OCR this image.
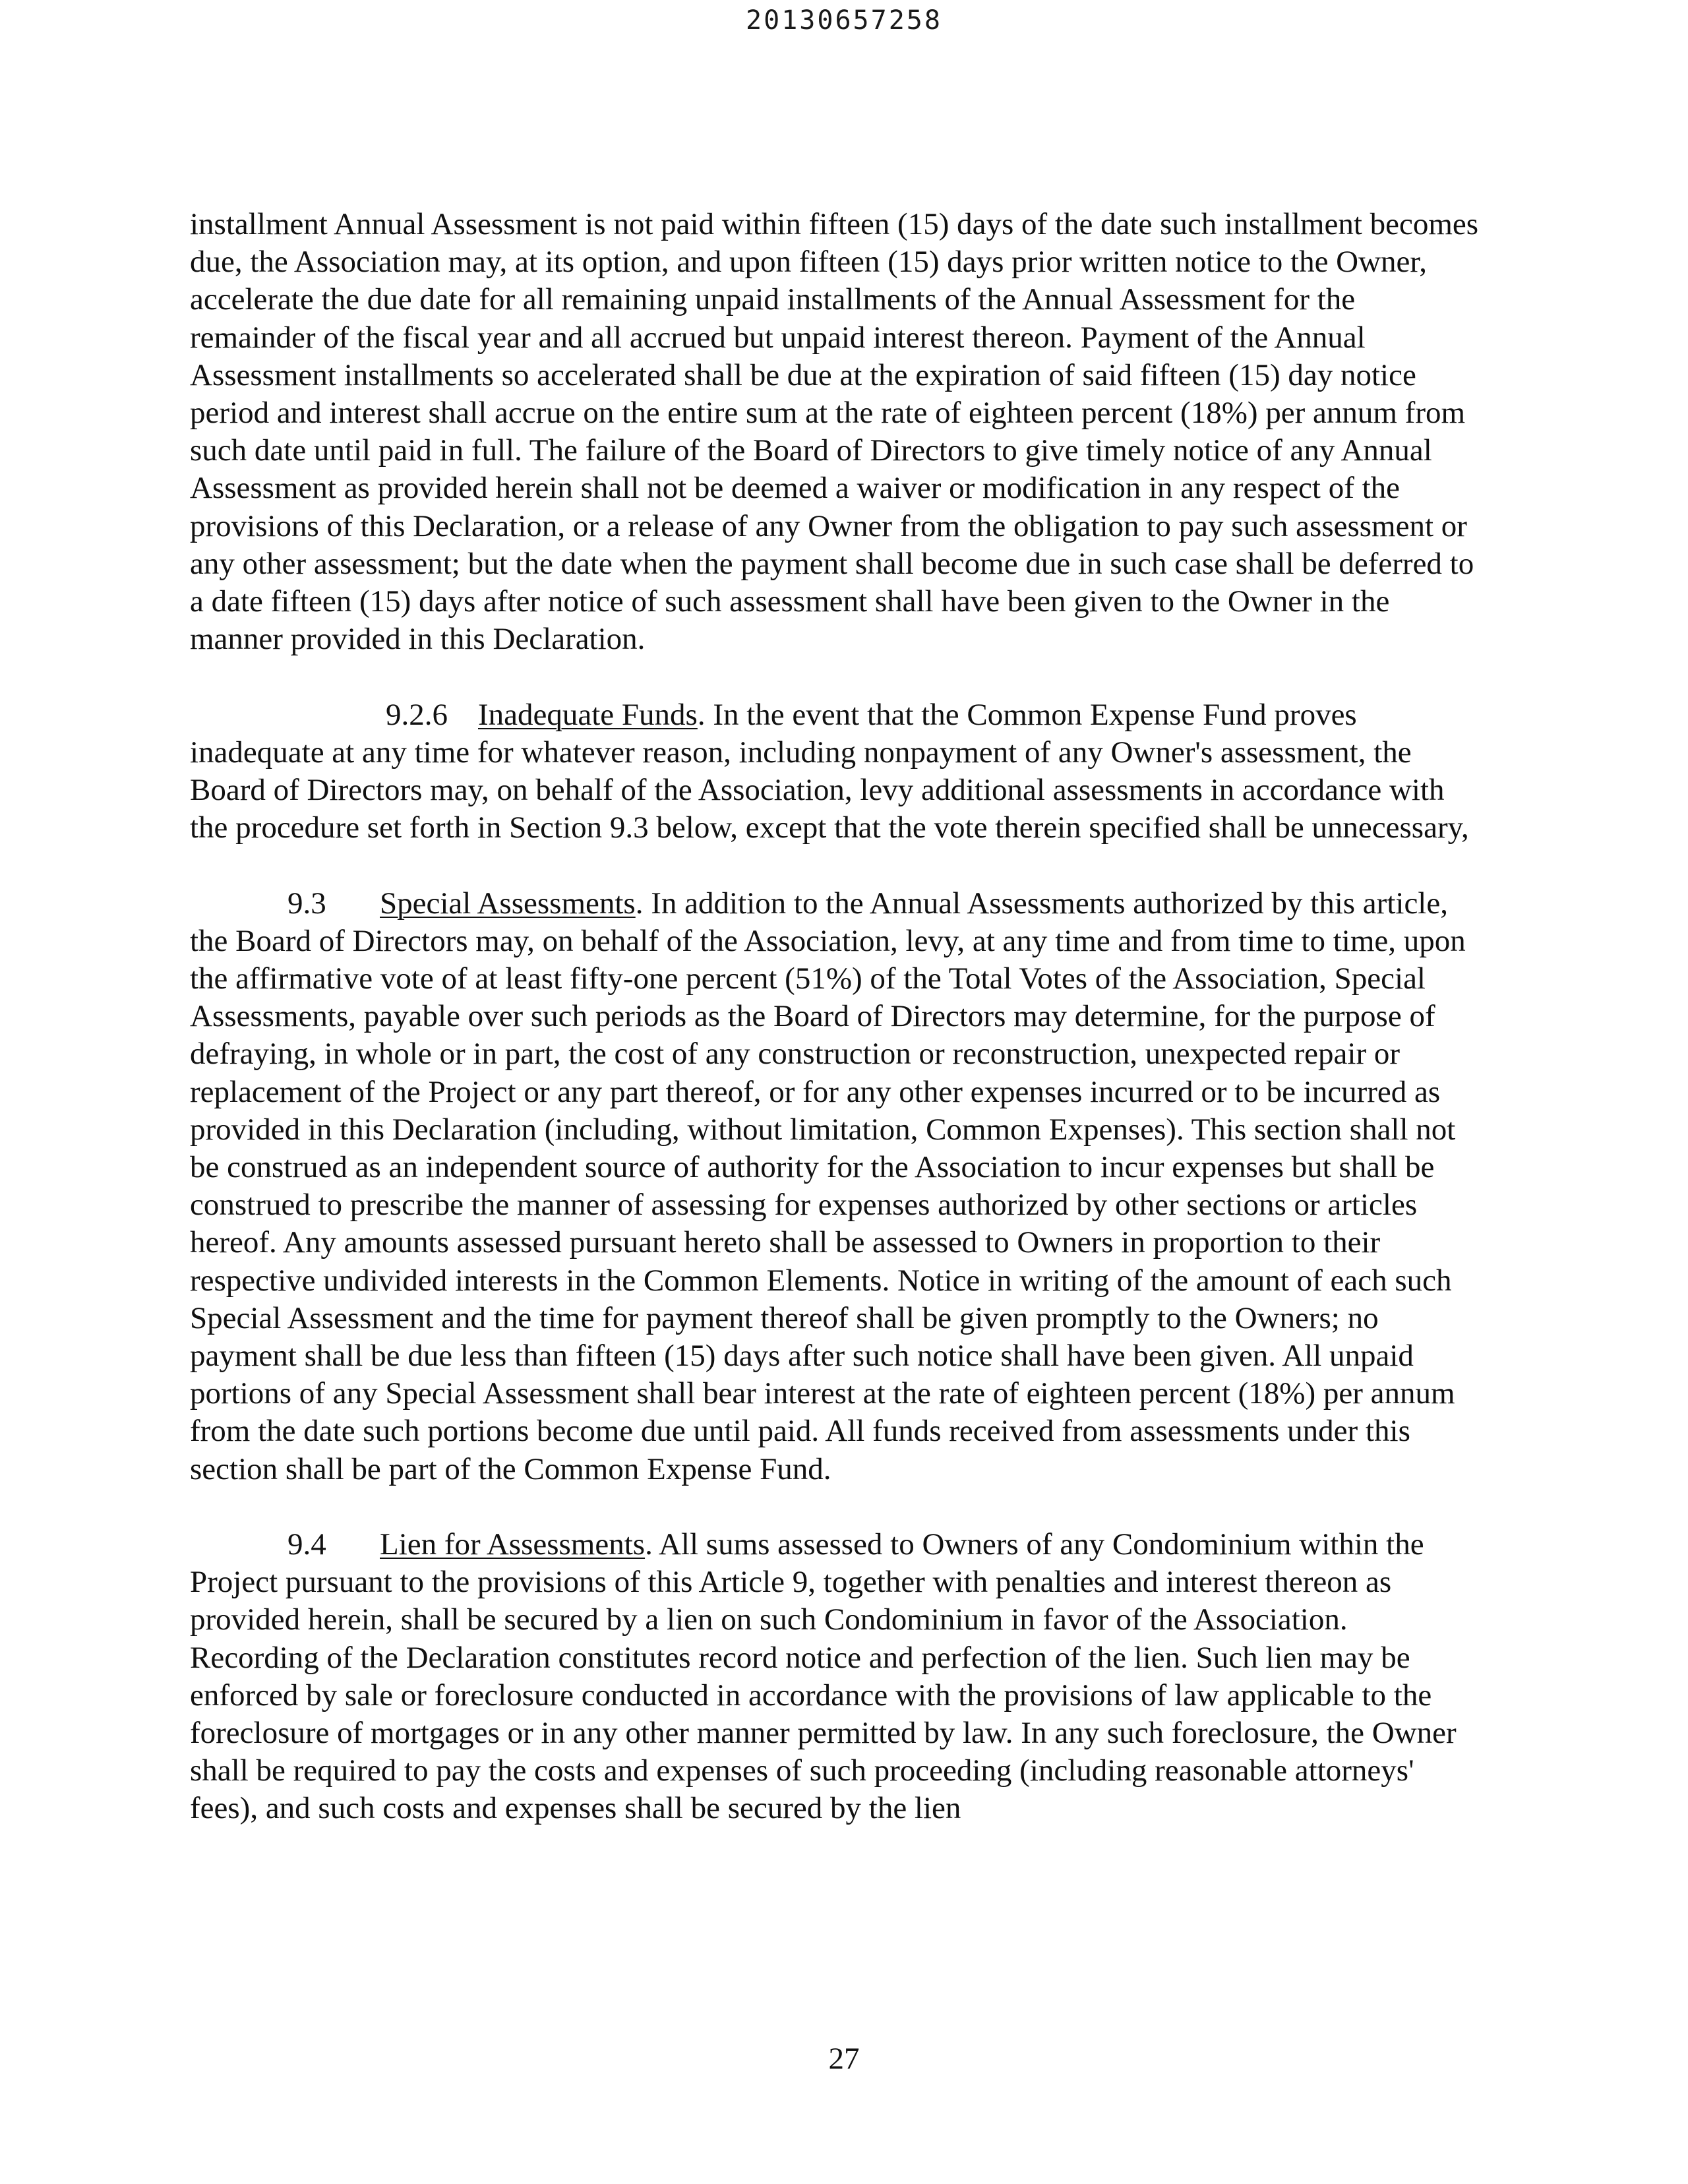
20130657258

installment Annual Assessment is not paid within fifteen (15) days of the date such installment becomes due, the Association may, at its option, and upon fifteen (15) days prior written notice to the Owner, accelerate the due date for all remaining unpaid installments of the Annual Assessment for the remainder of the fiscal year and all accrued but unpaid interest thereon. Payment of the Annual Assessment installments so accelerated shall be due at the expiration of said fifteen (15) day notice period and interest shall accrue on the entire sum at the rate of eighteen percent (18%) per annum from such date until paid in full. The failure of the Board of Directors to give timely notice of any Annual Assessment as provided herein shall not be deemed a waiver or modification in any respect of the provisions of this Declaration, or a release of any Owner from the obligation to pay such assessment or any other assessment; but the date when the payment shall become due in such case shall be deferred to a date fifteen (15) days after notice of such assessment shall have been given to the Owner in the manner provided in this Declaration.

9.2.6 Inadequate Funds. In the event that the Common Expense Fund proves inadequate at any time for whatever reason, including nonpayment of any Owner's assessment, the Board of Directors may, on behalf of the Association, levy additional assessments in accordance with the procedure set forth in Section 9.3 below, except that the vote therein specified shall be unnecessary,

9.3 Special Assessments. In addition to the Annual Assessments authorized by this article, the Board of Directors may, on behalf of the Association, levy, at any time and from time to time, upon the affirmative vote of at least fifty-one percent (51%) of the Total Votes of the Association, Special Assessments, payable over such periods as the Board of Directors may determine, for the purpose of defraying, in whole or in part, the cost of any construction or reconstruction, unexpected repair or replacement of the Project or any part thereof, or for any other expenses incurred or to be incurred as provided in this Declaration (including, without limitation, Common Expenses). This section shall not be construed as an independent source of authority for the Association to incur expenses but shall be construed to prescribe the manner of assessing for expenses authorized by other sections or articles hereof. Any amounts assessed pursuant hereto shall be assessed to Owners in proportion to their respective undivided interests in the Common Elements. Notice in writing of the amount of each such Special Assessment and the time for payment thereof shall be given promptly to the Owners; no payment shall be due less than fifteen (15) days after such notice shall have been given. All unpaid portions of any Special Assessment shall bear interest at the rate of eighteen percent (18%) per annum from the date such portions become due until paid. All funds received from assessments under this section shall be part of the Common Expense Fund.

9.4 Lien for Assessments. All sums assessed to Owners of any Condominium within the Project pursuant to the provisions of this Article 9, together with penalties and interest thereon as provided herein, shall be secured by a lien on such Condominium in favor of the Association. Recording of the Declaration constitutes record notice and perfection of the lien. Such lien may be enforced by sale or foreclosure conducted in accordance with the provisions of law applicable to the foreclosure of mortgages or in any other manner permitted by law. In any such foreclosure, the Owner shall be required to pay the costs and expenses of such proceeding (including reasonable attorneys' fees), and such costs and expenses shall be secured by the lien

27
